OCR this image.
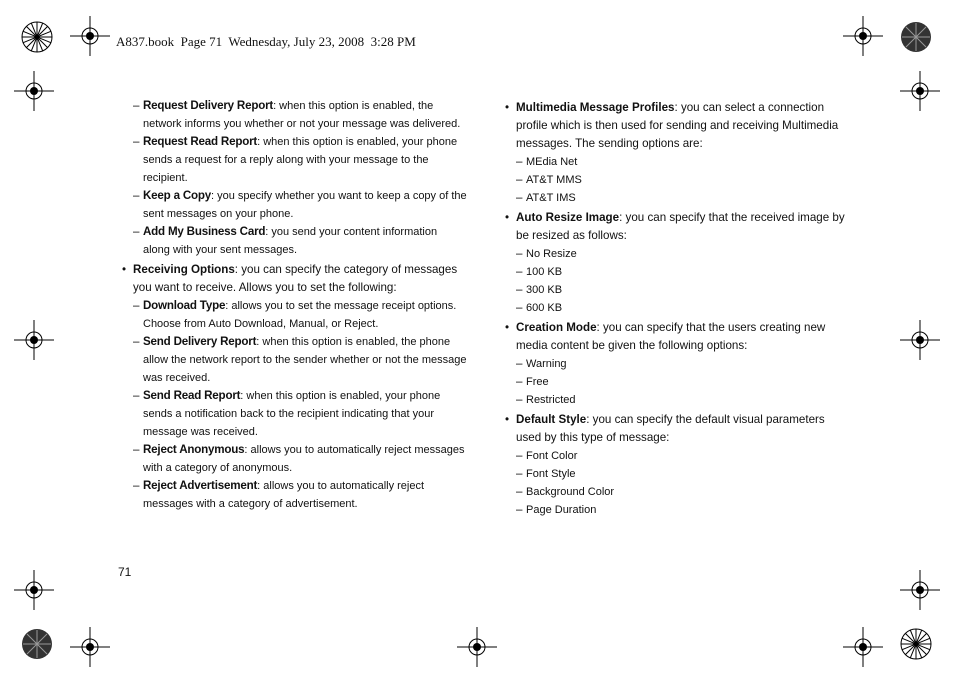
A837.book  Page 71  Wednesday, July 23, 2008  3:28 PM
– Request Delivery Report: when this option is enabled, the network informs you whether or not your message was delivered.
– Request Read Report: when this option is enabled, your phone sends a request for a reply along with your message to the recipient.
– Keep a Copy: you specify whether you want to keep a copy of the sent messages on your phone.
– Add My Business Card: you send your content information along with your sent messages.
• Receiving Options: you can specify the category of messages you want to receive. Allows you to set the following:
– Download Type: allows you to set the message receipt options. Choose from Auto Download, Manual, or Reject.
– Send Delivery Report: when this option is enabled, the phone allow the network report to the sender whether or not the message was received.
– Send Read Report: when this option is enabled, your phone sends a notification back to the recipient indicating that your message was received.
– Reject Anonymous: allows you to automatically reject messages with a category of anonymous.
– Reject Advertisement: allows you to automatically reject messages with a category of advertisement.
• Multimedia Message Profiles: you can select a connection profile which is then used for sending and receiving Multimedia messages. The sending options are:
– MEdia Net
– AT&T MMS
– AT&T IMS
• Auto Resize Image: you can specify that the received image by be resized as follows:
– No Resize
– 100 KB
– 300 KB
– 600 KB
• Creation Mode: you can specify that the users creating new media content be given the following options:
– Warning
– Free
– Restricted
• Default Style: you can specify the default visual parameters used by this type of message:
– Font Color
– Font Style
– Background Color
– Page Duration
71
